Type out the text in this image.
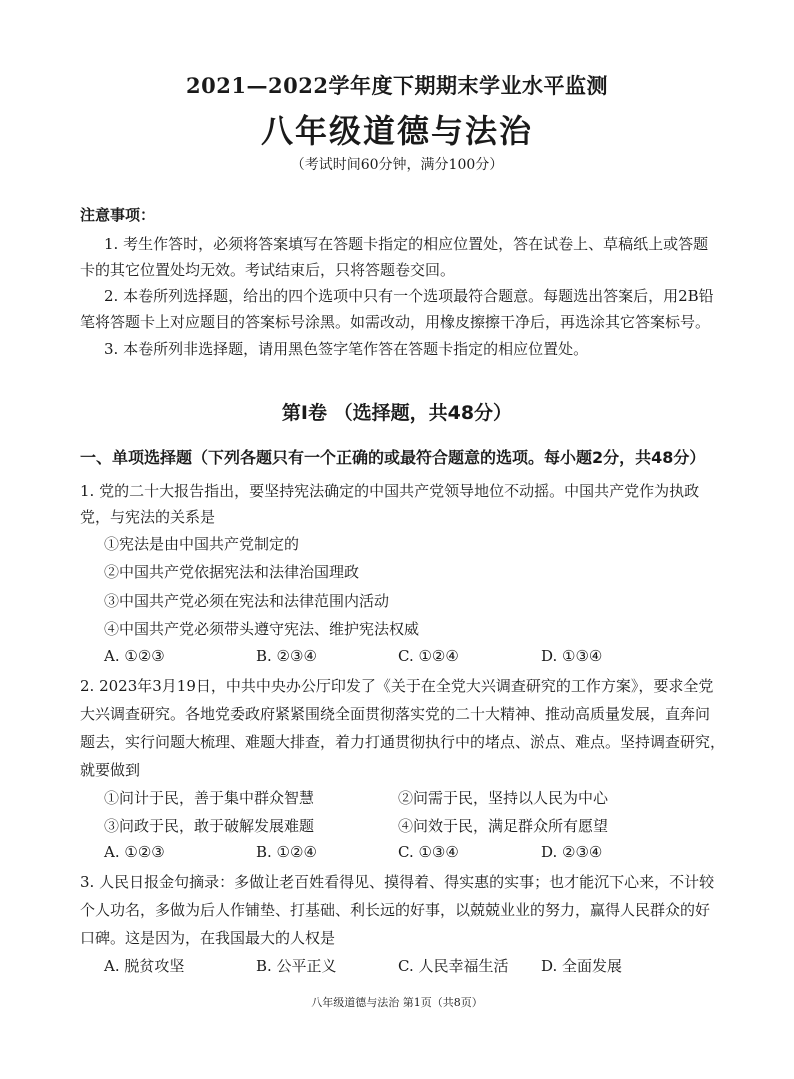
2021—2022学年度下期期末学业水平监测
八年级道德与法治
（考试时间60分钟，满分100分）
注意事项：
1. 考生作答时，必须将答案填写在答题卡指定的相应位置处，答在试卷上、草稿纸上或答题
卡的其它位置处均无效。考试结束后，只将答题卷交回。
2. 本卷所列选择题，给出的四个选项中只有一个选项最符合题意。每题选出答案后，用2B铅
笔将答题卡上对应题目的答案标号涂黑。如需改动，用橡皮擦擦干净后，再选涂其它答案标号。
3. 本卷所列非选择题，请用黑色签字笔作答在答题卡指定的相应位置处。
第Ⅰ卷 （选择题，共48分）
一、单项选择题（下列各题只有一个正确的或最符合题意的选项。每小题2分，共48分）
1. 党的二十大报告指出，要坚持宪法确定的中国共产党领导地位不动摇。中国共产党作为执政
党，与宪法的关系是
①宪法是由中国共产党制定的
②中国共产党依据宪法和法律治国理政
③中国共产党必须在宪法和法律范围内活动
④中国共产党必须带头遵守宪法、维护宪法权威
A. ①②③	B. ②③④	C. ①②④	D. ①③④
2. 2023年3月19日，中共中央办公厅印发了《关于在全党大兴调查研究的工作方案》，要求全党
大兴调查研究。各地党委政府紧紧围绕全面贯彻落实党的二十大精神、推动高质量发展，直奔问
题去，实行问题大梳理、难题大排查，着力打通贯彻执行中的堵点、淤点、难点。坚持调查研究，
就要做到
①问计于民，善于集中群众智慧	②问需于民，坚持以人民为中心
③问政于民，敢于破解发展难题	④问效于民，满足群众所有愿望
A. ①②③	B. ①②④	C. ①③④	D. ②③④
3. 人民日报金句摘录：多做让老百姓看得见、摸得着、得实惠的实事；也才能沉下心来，不计较
个人功名，多做为后人作铺垫、打基础、利长远的好事，以兢兢业业的努力，赢得人民群众的好
口碑。这是因为，在我国最大的人权是
A. 脱贫攻坚	B. 公平正义	C. 人民幸福生活 D. 全面发展
八年级道德与法治 第1页（共8页）
